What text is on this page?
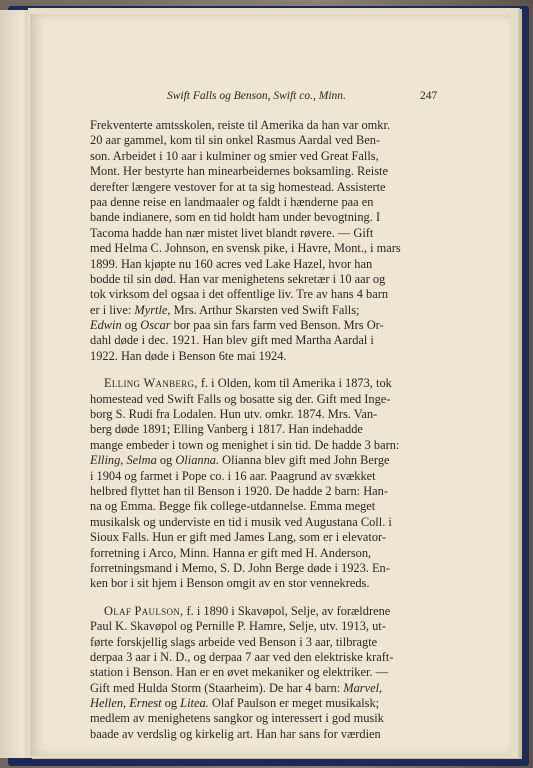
Swift Falls og Benson, Swift co., Minn.	247
Frekventerte amtsskolen, reiste til Amerika da han var omkr.
20 aar gammel, kom til sin onkel Rasmus Aardal ved Ben-
son. Arbeidet i 10 aar i kulminer og smier ved Great Falls,
Mont. Her bestyrte han minearbeidernes boksamling. Reiste
derefter længere vestover for at ta sig homestead. Assisterte
paa denne reise en landmaaler og faldt i hænderne paa en
bande indianere, som en tid holdt ham under bevogtning. I
Tacoma hadde han nær mistet livet blandt røvere. — Gift
med Helma C. Johnson, en svensk pike, i Havre, Mont., i mars
1899. Han kjøpte nu 160 acres ved Lake Hazel, hvor han
bodde til sin død. Han var menighetens sekretær i 10 aar og
tok virksom del ogsaa i det offentlige liv. Tre av hans 4 barn
er i live: Myrtle, Mrs. Arthur Skarsten ved Swift Falls;
Edwin og Oscar bor paa sin fars farm ved Benson. Mrs Or-
dahl døde i dec. 1921. Han blev gift med Martha Aardal i
1922. Han døde i Benson 6te mai 1924.
Elling Wanberg, f. i Olden, kom til Amerika i 1873, tok
homestead ved Swift Falls og bosatte sig der. Gift med Inge-
borg S. Rudi fra Lodalen. Hun utv. omkr. 1874. Mrs. Van-
berg døde 1891; Elling Vanberg i 1817. Han indehadde
mange embeder i town og menighet i sin tid. De hadde 3 barn:
Elling, Selma og Olianna. Olianna blev gift med John Berge
i 1904 og farmet i Pope co. i 16 aar. Paagrund av svækket
helbred flyttet han til Benson i 1920. De hadde 2 barn: Han-
na og Emma. Begge fik college-utdannelse. Emma meget
musikalsk og underviste en tid i musik ved Augustana Coll. i
Sioux Falls. Hun er gift med James Lang, som er i elevator-
forretning i Arco, Minn. Hanna er gift med H. Anderson,
forretningsmand i Memo, S. D. John Berge døde i 1923. En-
ken bor i sit hjem i Benson omgit av en stor vennekreds.
Olaf Paulson, f. i 1890 i Skavøpol, Selje, av forældrene
Paul K. Skavøpol og Pernille P. Hamre, Selje, utv. 1913, ut-
førte forskjellig slags arbeide ved Benson i 3 aar, tilbragte
derpaa 3 aar i N. D., og derpaa 7 aar ved den elektriske kraft-
station i Benson. Han er en øvet mekaniker og elektriker. —
Gift med Hulda Storm (Staarheim). De har 4 barn: Marvel,
Hellen, Ernest og Litea. Olaf Paulson er meget musikalsk;
medlem av menighetens sangkor og interessert i god musik
baade av verdslig og kirkelig art. Han har sans for værdien
